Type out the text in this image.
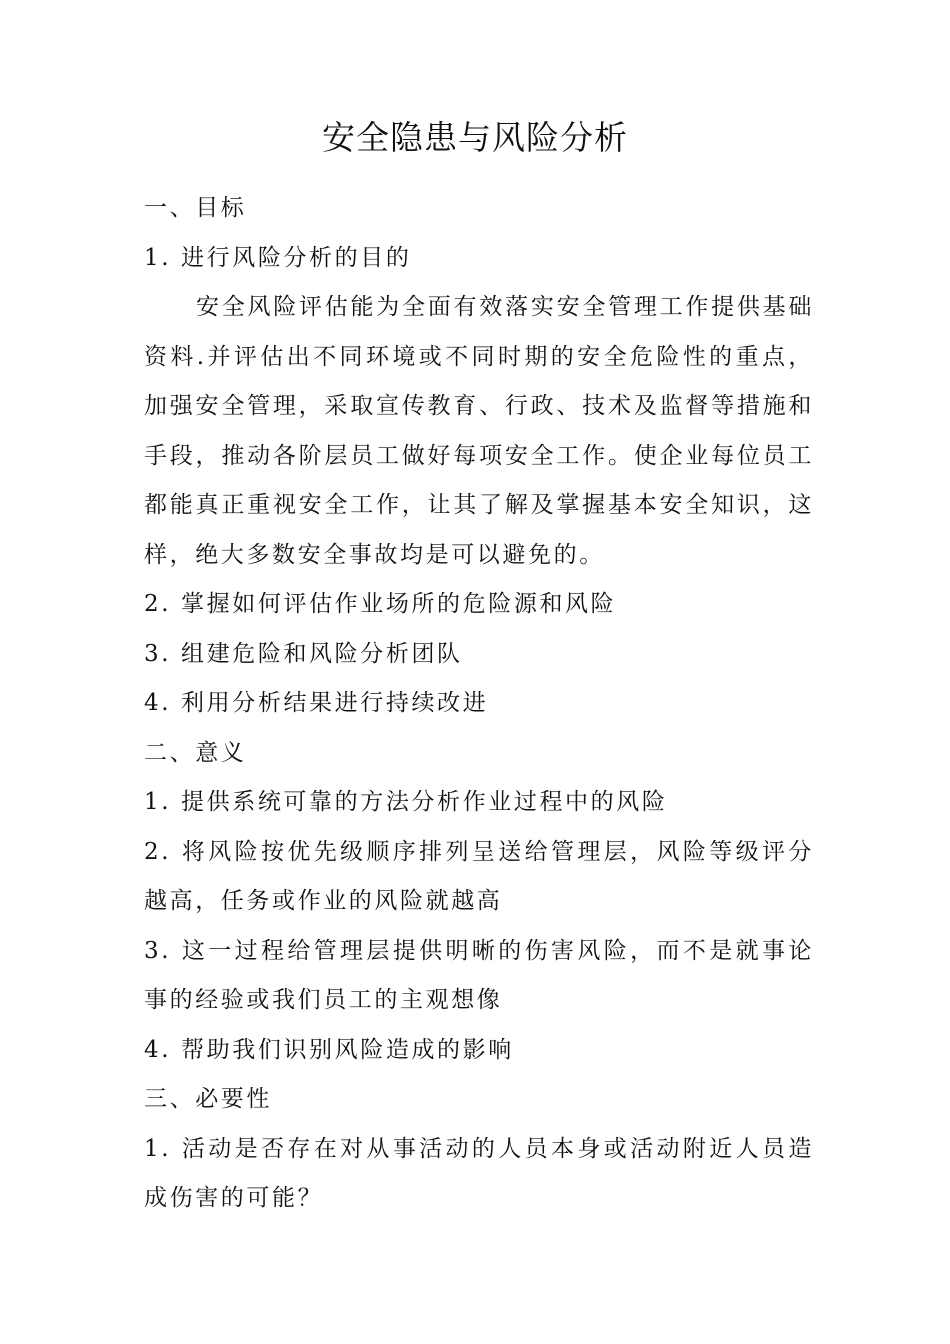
安全隐患与风险分析

一、目标

1. 进行风险分析的目的

安全风险评估能为全面有效落实安全管理工作提供基础资料.并评估出不同环境或不同时期的安全危险性的重点，加强安全管理，采取宣传教育、行政、技术及监督等措施和手段，推动各阶层员工做好每项安全工作。使企业每位员工都能真正重视安全工作，让其了解及掌握基本安全知识，这样，绝大多数安全事故均是可以避免的。

2. 掌握如何评估作业场所的危险源和风险

3. 组建危险和风险分析团队

4. 利用分析结果进行持续改进

二、意义

1. 提供系统可靠的方法分析作业过程中的风险

2. 将风险按优先级顺序排列呈送给管理层，风险等级评分越高，任务或作业的风险就越高

3. 这一过程给管理层提供明晰的伤害风险，而不是就事论事的经验或我们员工的主观想像

4. 帮助我们识别风险造成的影响

三、必要性

1. 活动是否存在对从事活动的人员本身或活动附近人员造成伤害的可能？
